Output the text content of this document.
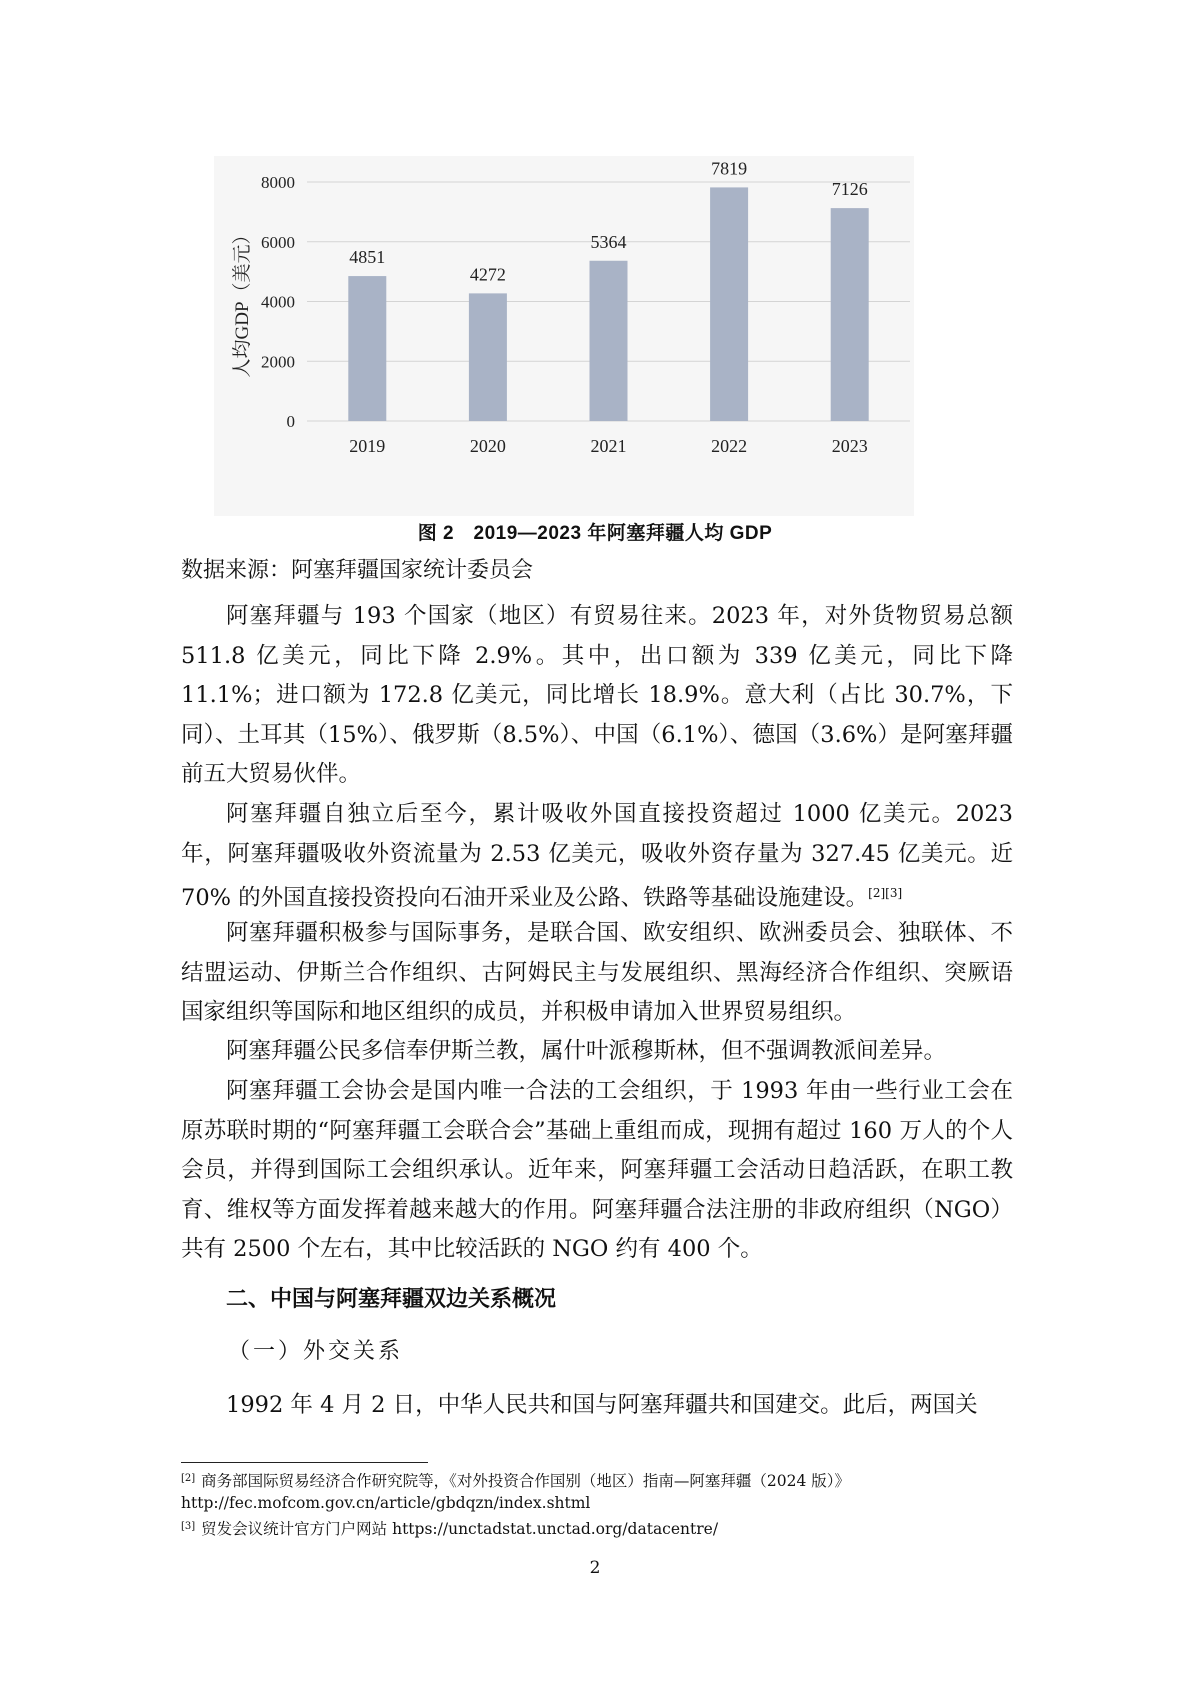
0
2000
4000
6000
8000
4851
2019
4272
2020
5364
2021
7819
2022
7126
2023
人均GDP（美元）
图 2　2019—2023 年阿塞拜疆人均 GDP
数据来源：阿塞拜疆国家统计委员会
阿塞拜疆与 193 个国家（地区）有贸易往来。2023 年，对外货物贸易总额 511.8 亿美元，同比下降 2.9%。其中，出口额为 339 亿美元，同比下降 11.1%；进口额为 172.8 亿美元，同比增长 18.9%。意大利（占比 30.7%，下同）、土耳其（15%）、俄罗斯（8.5%）、中国（6.1%）、德国（3.6%）是阿塞拜疆前五大贸易伙伴。
阿塞拜疆自独立后至今，累计吸收外国直接投资超过 1000 亿美元。2023 年，阿塞拜疆吸收外资流量为 2.53 亿美元，吸收外资存量为 327.45 亿美元。近 70% 的外国直接投资投向石油开采业及公路、铁路等基础设施建设。[2][3]
阿塞拜疆积极参与国际事务，是联合国、欧安组织、欧洲委员会、独联体、不结盟运动、伊斯兰合作组织、古阿姆民主与发展组织、黑海经济合作组织、突厥语国家组织等国际和地区组织的成员，并积极申请加入世界贸易组织。
阿塞拜疆公民多信奉伊斯兰教，属什叶派穆斯林，但不强调教派间差异。
阿塞拜疆工会协会是国内唯一合法的工会组织，于 1993 年由一些行业工会在原苏联时期的“阿塞拜疆工会联合会”基础上重组而成，现拥有超过 160 万人的个人会员，并得到国际工会组织承认。近年来，阿塞拜疆工会活动日趋活跃，在职工教育、维权等方面发挥着越来越大的作用。阿塞拜疆合法注册的非政府组织（NGO）共有 2500 个左右，其中比较活跃的 NGO 约有 400 个。
二、中国与阿塞拜疆双边关系概况
（一）外交关系
1992 年 4 月 2 日，中华人民共和国与阿塞拜疆共和国建交。此后，两国关
[2] 商务部国际贸易经济合作研究院等，《对外投资合作国别（地区）指南—阿塞拜疆（2024 版）》
http://fec.mofcom.gov.cn/article/gbdqzn/index.shtml
[3] 贸发会议统计官方门户网站 https://unctadstat.unctad.org/datacentre/
2
